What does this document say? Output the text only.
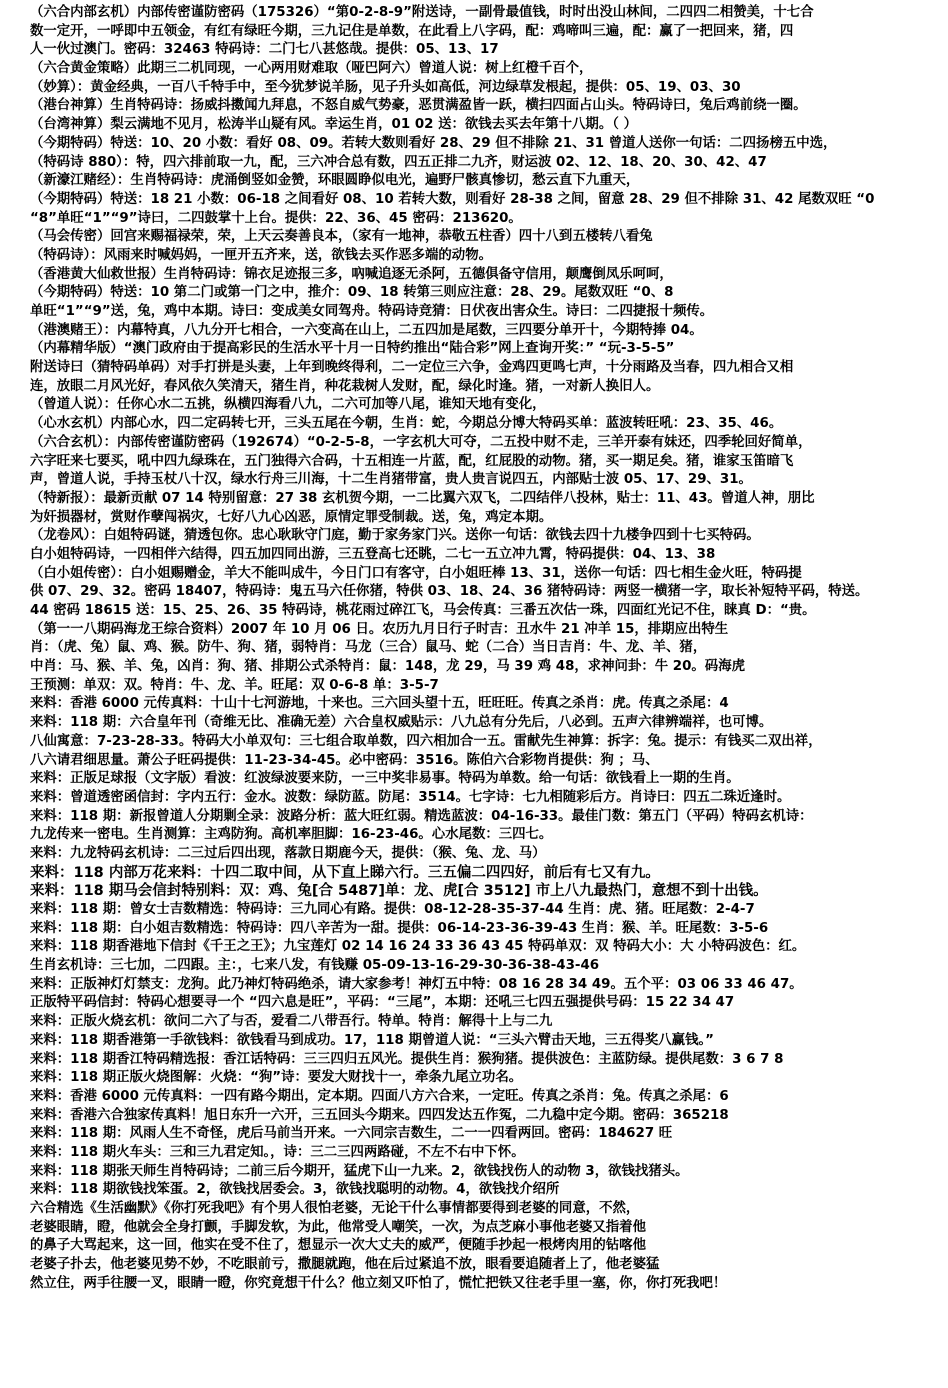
（六合内部玄机）内部传密谨防密码（175326）“第0-2-8-9”附送诗，一副骨最值钱，时时出没山林间，二四四二相赞美，十七合
数一定开，一呼即中五领金，有红有绿旺今期，三九记住是单数，在此看上八字码，配：鸡啼叫三遍，配：赢了一把回来，猪，四
人一伙过澳门。密码：32463 特码诗：二门七八甚悠哉。提供：05、13、17
（六合黄金策略）此期三二机同现，一心两用财难取（哑巴阿六）曾道人说：树上红橙千百个，
（妙算）：黄金经典，一百八千特手中，至今犹梦说羊肠，见子升头如高低，河边绿草发根起，提供：05、19、03、30
（港台神算）生肖特码诗：扬威抖擞闻九拜息，不怒自威气势豪，恶贯满盈皆一跃，横扫四面占山头。特码诗曰，兔后鸡前绕一圈。
（台湾神算）梨云满地不见月，松涛半山疑有风。幸运生肖，01 02 送：欲钱去买去年第十八期。（ ）
（今期特码）特送：10、20 小数：看好 08、09。若转大数则看好 28、29 但不排除 21、31 曾道人送你一句话：二四扬榜五中选，
（特码诗 880）：特，四六排前取一九，配，三六冲合总有数，四五正排二九齐，财运波 02、12、18、20、30、42、47
（新濠江赌经）：生肖特码诗：虎涌倒竖如金赞，环眼圆睁似电光，遍野尸骸真惨切，愁云直下九重天，
（今期特码）特送：18 21 小数：06-18 之间看好 08、10 若转大数，则看好 28-38 之间，留意 28、29 但不排除 31、42 尾数双旺 “0
“8”单旺“1”“9”诗曰，二四鼓掌十上台。提供：22、36、45 密码：213620。
（马会传密）回宫来赐福禄荣，荣，上天云奏善良本，（家有一地神，恭敬五柱香）四十八到五楼转八看兔
（特码诗）：风雨来时喊妈妈，一匣开五齐来，送，欲钱去买作恶多端的动物。
（香港黄大仙救世报）生肖特码诗：锦衣足迹报三多，吶喊追逐无杀阿，五德俱备守信用，颠鹰倒凤乐呵呵，
（今期特码）特送：10 第二门或第一门之中，推介：09、18 转第三则应注意：28、29。尾数双旺 “0、8
单旺“1”“9”送，兔，鸡中本期。诗曰：变成美女同驾舟。特码诗竞猜：日伏夜出害众生。诗曰：二四捷报十频传。
（港澳赌王）：内幕特真，八九分开七相合，一六变高在山上，二五四加是尾数，三四要分单开十，今期特捧 04。
（内幕精华版）“澳门政府由于提高彩民的生活水平十月一日特约推出“陆合彩”网上查询开奖：” “玩-3-5-5”
附送诗曰（猜特码单码）对手打拼是头妻，上年到晚终得利，二一定位三六争，金鸡四更鸣七声，十分雨路及当春，四九相合又相
连，放眼二月风光好，春风依久笑清天，猪生肖，种花栽树人发财，配，绿化时逢。猪，一对新人换旧人。
（曾道人说）：任你心水二五挑，纵横四海看八九，二六可加等八尾，谁知天地有变化，
（心水玄机）内部心水，四二定码转七开，三头五尾在今朝，生肖：蛇，今期总分博大特码买单：蓝波转旺吼：23、35、46。
（六合玄机）：内部传密谨防密码（192674）“0-2-5-8，一字玄机大可夺，二五投中财不走，三羊开泰有妹还，四季轮回好简单，
六字旺来七要买，吼中四九绿珠在，五门独得六合码，十五相连一片蓝，配，红屁股的动物。猪，买一期足矣。猪，谁家玉笛暗飞
声，曾道人说，手持玉杖八十汉，绿水行舟三川海，十二生肖猪带富，贵人贵言说四五，内部贴士波 05、17、29、31。
（特新报）：最新贡献 07 14 特别留意：27 38 玄机贺今期，一二比翼六双飞，二四结伴八投林，贴士：11、43。曾道人神，朋比
为奸损器材，赏财作孽闯祸灾，七好八九心凶恶，原情定罪受制裁。送，兔，鸡定本期。
（龙卷风）：白姐特码谜，猜透包你。忠心耿耿守门庭，勤于家务家门兴。送你一句话：欲钱去四十九楼争四到十七买特码。
白小姐特码诗，一四相伴六结得，四五加四同出游，三五登高七还眺，二七一五立冲九霄，特码提供：04、13、38
（白小姐传密）：白小姐赐赠金，羊大不能叫成牛，今日门口有客守，白小姐旺棒 13、31，送你一句话：四七相生金火旺，特码提
供 07、29、32。密码 18407，特码诗：鬼五马六任你猪，特供 03、18、24、36 猪特码诗：两竖一横猪一字，取长补短特平码，特送。
44 密码 18615 送：15、25、26、35 特码诗，桃花雨过碎江飞，马会传真：三番五次估一珠，四面红光记不住，睐真 D：“贵。
（第一一八期码海龙王综合资料）2007 年 10 月 06 日。农历九月日行子时吉：丑水牛 21 冲羊 15，排期应出特生
肖：（虎、兔）鼠、鸡、猴。防牛、狗、猪，弱特肖：马龙（三合）鼠马、蛇（二合）当日吉肖：牛、龙、羊、猪，
中肖：马、猴、羊、兔，凶肖：狗、猪、排期公式杀特肖：鼠：148，龙 29，马 39 鸡 48，求神问卦：牛 20。码海虎
王预测：单双：双。特肖：牛、龙、羊。旺尾：双 0-6-8 单：3-5-7
来料：香港 6000 元传真料：十山十七河游地，十来也。三六回头望十五，旺旺旺。传真之杀肖：虎。传真之杀尾：4
来料：118 期：六合皇年刊（奇维无比、准确无差）六合皇权威贴示：八九总有分先后，八必到。五声六律辨端祥，也可博。
八仙寓意：7-23-28-33。特码大小单双句：三七组合取单数，四六相加合一五。雷献先生神算：拆字：兔。提示：有钱买二双出祥，
八六请君细思量。萧公子旺码提供：11-23-34-45。必中密码：3516。陈伯六合彩物肖提供：狗 ；马、
来料：正版足球报（文字版）看波：红波绿波要来防，一三中奖非易事。特码为单数。给一句话：欲钱看上一期的生肖。
来料：曾道透密函信封：字内五行：金水。波数：绿防蓝。防尾：3514。七字诗：七九相随彩后方。肖诗曰：四五二珠近逢时。
来料：118 期：新报曾道人分期剿全录：波路分析：蓝大旺红弱。精选蓝波：04-16-33。最佳门数：第五门（平码）特码玄机诗：
九龙传来一密电。生肖测算：主鸡防狗。高机率胆脚：16-23-46。心水尾数：三四七。
来料：九龙特码玄机诗：二三过后四出现，落款日期鹿今天，提供：（猴、兔、龙、马）
来料：118 内部万花来料：十四二取中间，从下直上睇六行。三五偏二四四好，前后有七又有九。
来料：118 期马会信封特别料：双：鸡、兔[合 5487]单：龙、虎[合 3512] 市上八九最热门，意想不到十出钱。
来料：118 期：曾女士吉数精选：特码诗：三九同心有路。提供：08-12-28-35-37-44 生肖：虎、猪。旺尾数：2-4-7
来料：118 期：白小姐吉数精选：特码诗：四八辛苦为一甜。提供：06-14-23-36-39-43 生肖：猴、羊。旺尾数：3-5-6
来料：118 期香港地下信封《千王之王》；九宝莲灯 02 14 16 24 33 36 43 45 特码单双：双 特码大小：大 小特码波色：红。
生肖玄机诗：三七加，二四跟。主：，七来八发，有钱赚 05-09-13-16-29-30-36-38-43-46
来料：正版神灯灯禁支：龙狗。此乃神灯特码绝杀，请大家参考！神灯五中特：08 16 28 34 49。五个平：03 06 33 46 47。
正版特平码信封：特码心想要寻一个 “四六息是旺”，平码：“三尾”，本期：还吼三七四五强提供号码：15 22 34 47
来料：正版火烧玄机：欲问二六了与否，爱看二八带吾行。特单。特肖：解得十上与二九
来料：118 期香港第一手欲钱料：欲钱看马到成功。17，118 期曾道人说：“三头六臂击天地，三五得奖八赢钱。”
来料：118 期香江特码精选报：香江话特码：三三四归五风光。提供生肖：猴狗猪。提供波色：主蓝防绿。提供尾数：3 6 7 8
来料：118 期正版火烧图解：火烧：“狗”诗：要发大财找十一，牵条九尾立功名。
来料：香港 6000 元传真料：一四有路今期出，定本期。四面八方六合来，一定旺。传真之杀肖：兔。传真之杀尾：6
来料：香港六合独家传真料！旭日东升一六开，三五回头今期来。四四发达五作冤，二九稳中定今期。密码：365218
来料：118 期：风雨人生不奇怪，虎后马前当开来。一六同宗吉数生，二一一四看两回。密码：184627 旺
来料：118 期火车头：三和三九君定知。，诗：三二三四两路碰，不左不右中下怀。
来料：118 期张天师生肖特码诗；二前三后今期开，猛虎下山一九来。2，欲钱找伤人的动物 3，欲钱找猪头。
来料：118 期欲钱找笨蛋。2，欲钱找居委会。3，欲钱找聪明的动物。4，欲钱找介绍所
六合精选《生活幽默》《你打死我吧》有个男人很怕老婆，无论干什么事情都要得到老婆的同意，不然，
老婆眼睛，瞪，他就会全身打颤，手脚发软，为此，他常受人嘲笑，一次，为点芝麻小事他老婆又指着他
的鼻子大骂起来，这一回，他实在受不住了，想显示一次大丈夫的威严，便随手抄起一根烤肉用的钻喀他
老婆子扑去，他老婆见势不妙，不吃眼前亏，撒腿就跑，他在后过紧追不放，眼看要追随者上了，他老婆猛
然立住，两手往腰一叉，眼睛一瞪，你究竟想干什么？他立刻又吓怕了，慌忙把铁又往老手里一塞，你，你打死我吧！
